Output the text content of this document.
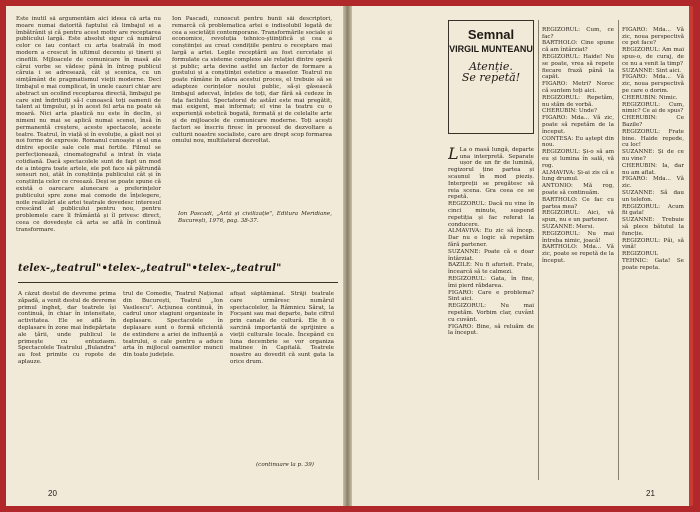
Este inutil să argumentăm aici ideea că arta nu moare numai datorită faptului că limbajul ei a îmbătrânit și că pentru acest motiv are receptarea publicului largă. Este absolut sigur că numărul celor ce iau contact cu arta teatrală în mod modern a crescut în ultimul deceniu și tinerii și cinefilii. Mijloacele de comunicare în masă ale cărui vorbe se vădesc până în întreg publicul căruia i se adresează, cât și scenica, cu un simțământ de pragmatismul vieții moderne. Deci limbajul e mai complicat, în unele cazuri chiar are abstract un ocolind receptarea directă, limbajul pe care sint îndrituiți să-l cunoască toți oamenii de talent ai timpului, și în acest fel arta nu poate să moară. Nici arta plastică nu este în declin, și nimeni nu mai se aplică numai scenei, însă în permanentă creștere, aceste spectacole, aceste teatre. Teatrul, în viață și în evoluție, a găsit noi și noi forme de expresie. Romanul cunoaște și el una dintre epocile sale cele mai fertile. Filmul se perfecționează, cinematograful a intrat în viața cotidiană. Dacă spectacolele sunt de fapt un mod de a integra toate artele, ele pot face să pătrundă sensuri noi, atât în conștiința publicului cât și în conștiința celor ce creează. Deși se poate spune că există o oarecare alunecare a preferințelor publicului spre zone mai comode de înțelegere, noile realizări ale artei teatrale dovedesc interesul crescând al publicului pentru nou, pentru problemele care îl frământă și îl privesc direct, ceea ce dovedește că arta se află în continuă transformare.

Ion Pascadi, cunoscut pentru bunii săi descriptori, remarcă că problematica artei e indisolubil legată de cea a societății contemporane. Transformările sociale și economice, revoluția tehnico-științifică și cea a conștiinței au creat condițiile pentru o receptare mai largă a artei. Legile receptării au fost cercetate și formulate ca sisteme complexe ale relației dintre operă și public; arta devine astfel un factor de formare a gustului și a conștiinței estetice a maselor. Teatrul nu poate rămâne în afara acestui proces, el trebuie să se adapteze cerințelor noului public, să-și găsească limbajul adecvat, înțeles de toți, dar fără să cedeze în fața facilului. Spectatorul de astăzi este mai pregătit, mai exigent, mai informat; el vine la teatru cu o experiență estetică bogată, formată și de celelalte arte și de mijloacele de comunicare moderne. Toți acești factori se înscriu firesc în procesul de dezvoltare a culturii noastre socialiste, care are drept scop formarea omului nou, multilateral dezvoltat.

Ion Pascadi, „Artă și civilizație", Editura Meridiane, București, 1976, pag. 38-37.

telex-„teatrul"•telex-„teatrul"•telex-„teatrul"

A căzut destul de devreme prima zăpadă, a venit destul de devreme primul ingheț, dar teatrele își continuă, în chiar în intensitate, activitatea. Ele se află în deplasare în zone mai îndepărtate ale țării, unde publicul le primește cu entuziasm. Spectacolele Teatrului „Bulandra" au fost primite cu ropote de aplauze.

trul de Comedie, Teatrul Național din București, Teatrul „Ion Vasilescu". Acțiunea continuă, în cadrul unor stagiuni organizate în deplasare. Spectacolele în deplasare sunt o formă eficientă de extindere a ariei de influență a teatrului, o cale pentru a aduce arta în mijlocul oamenilor muncii din toate județele.

afișat săptămânal. Străji teatrale care urmăresc numărul spectacolelor, la Râmnicu Sărat, la Focșani sau mai departe, bate cifrul prin canale de cultură. Ele fi o sarcină importantă de sprijinire a vieții culturale locale. Începând cu luna decembrie se vor organiza matinee în Capitală. Teatrele noastre au dovedit că sunt gata la orice drum.

(continuare la p. 39)
20
Semnal
VIRGIL MUNTEANU
Atenție.
Se repetă!

L La o masă lungă, departe una interpretă. Separate ușor de un fir de lumină, regizorul ține partea și scaunul în mod pieziș. Interpreții se pregătesc să reia scena. Gra ceea ce se repetă.
REGIZORUL: Dacă nu vine în cinci minute, suspend repetiția și fac referat la conducere.
ALMAVIVA: Eu zic să încep. Dar nu e logic să repetăm fără partener.
SUZANNE: Poate că e doar întârziat.
BAZILE: Nu fi afurisit. Frate, încearcă să te calmezi.
REGIZORUL: Gata, în fine, îmi pierd răbdarea.
FIGARO: Care e problema? Sint aici.
REGIZORUL: Nu mai repetăm. Vorbim clar, cuvânt cu cuvânt.
FIGARO: Bine, să reluăm de la început.

REGIZORUL: Cum, ce fac?
BARTHOLO: Cine spune că am întârziat?
REGIZORUL: Haide! Nu se poate, vrea să repete fiecare frază până la capăt.
FIGARO: Metri? Noroc că suntem toți aici.
REGIZORUL: Repetăm, nu stăm de vorbă.
CHERUBIN: Unde?
FIGARO: Mda... Vă zic, poate să repetăm de la început.
CONTESA: Eu aștept din nou.
REGIZORUL: Și-o să am eu și lumina în sală, vă rog.
ALMAVIVA: Și-ai zis că e lung drumul.
ANTONIO: Mă rog, poate să continuăm.
BARTHOLO: Ce fac cu partea mea?
REGIZORUL: Aici, vă spun, nu e un partener.
SUZANNE: Mersi.
REGIZORUL: Nu mai întreba nimic, joacă!
BARTHOLO: Mda... Vă zic, poate se repetă de la început.

FIGARO: Mda... Vă zic, noua perspectivă ce pot face?
REGIZORUL: Am mai spus-o, de curaj, de ce nu a venit la timp?
SUZANNE: Sint aici.
FIGARO: Mda... Vă zic, noua perspectivă pe care o dorim.
CHERUBIN: Nimic.
REGIZORUL: Cum, nimic? Ce ai de spus?
CHERUBIN: Ce Bazile?
REGIZORUL: Frate bine. Haide repede, cu loc!
SUZANNE: Și de ce nu vine?
CHERUBIN: Ia, dar nu am aflat.
FIGARO: Mda... Vă zic.
SUZANNE: Să dau un telefon.
REGIZORUL: Acum fii gata!
SUZANNE: Trebuie să plece bătutul la funcție.
REGIZORUL: Păi, să vină!
REGIZORUL TEHNIC: Gata! Se poate repeta.

21
